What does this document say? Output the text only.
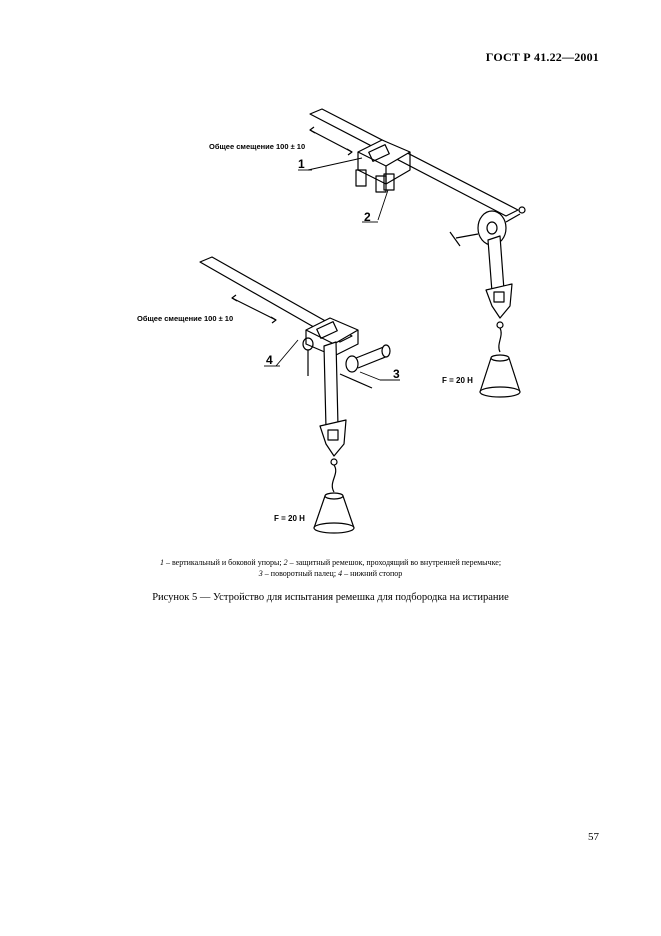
ГОСТ Р 41.22—2001
Общее смещение 100 ± 10
Общее смещение 100 ± 10
F = 20 Н
F = 20 Н
1
2
3
4
1 – вертикальный и боковой упоры; 2 – защитный ремешок, проходящий во внутренней перемычке;
3 – поворотный палец; 4 – нижний стопор
Рисунок 5 — Устройство для испытания ремешка для подбородка на истирание
57
